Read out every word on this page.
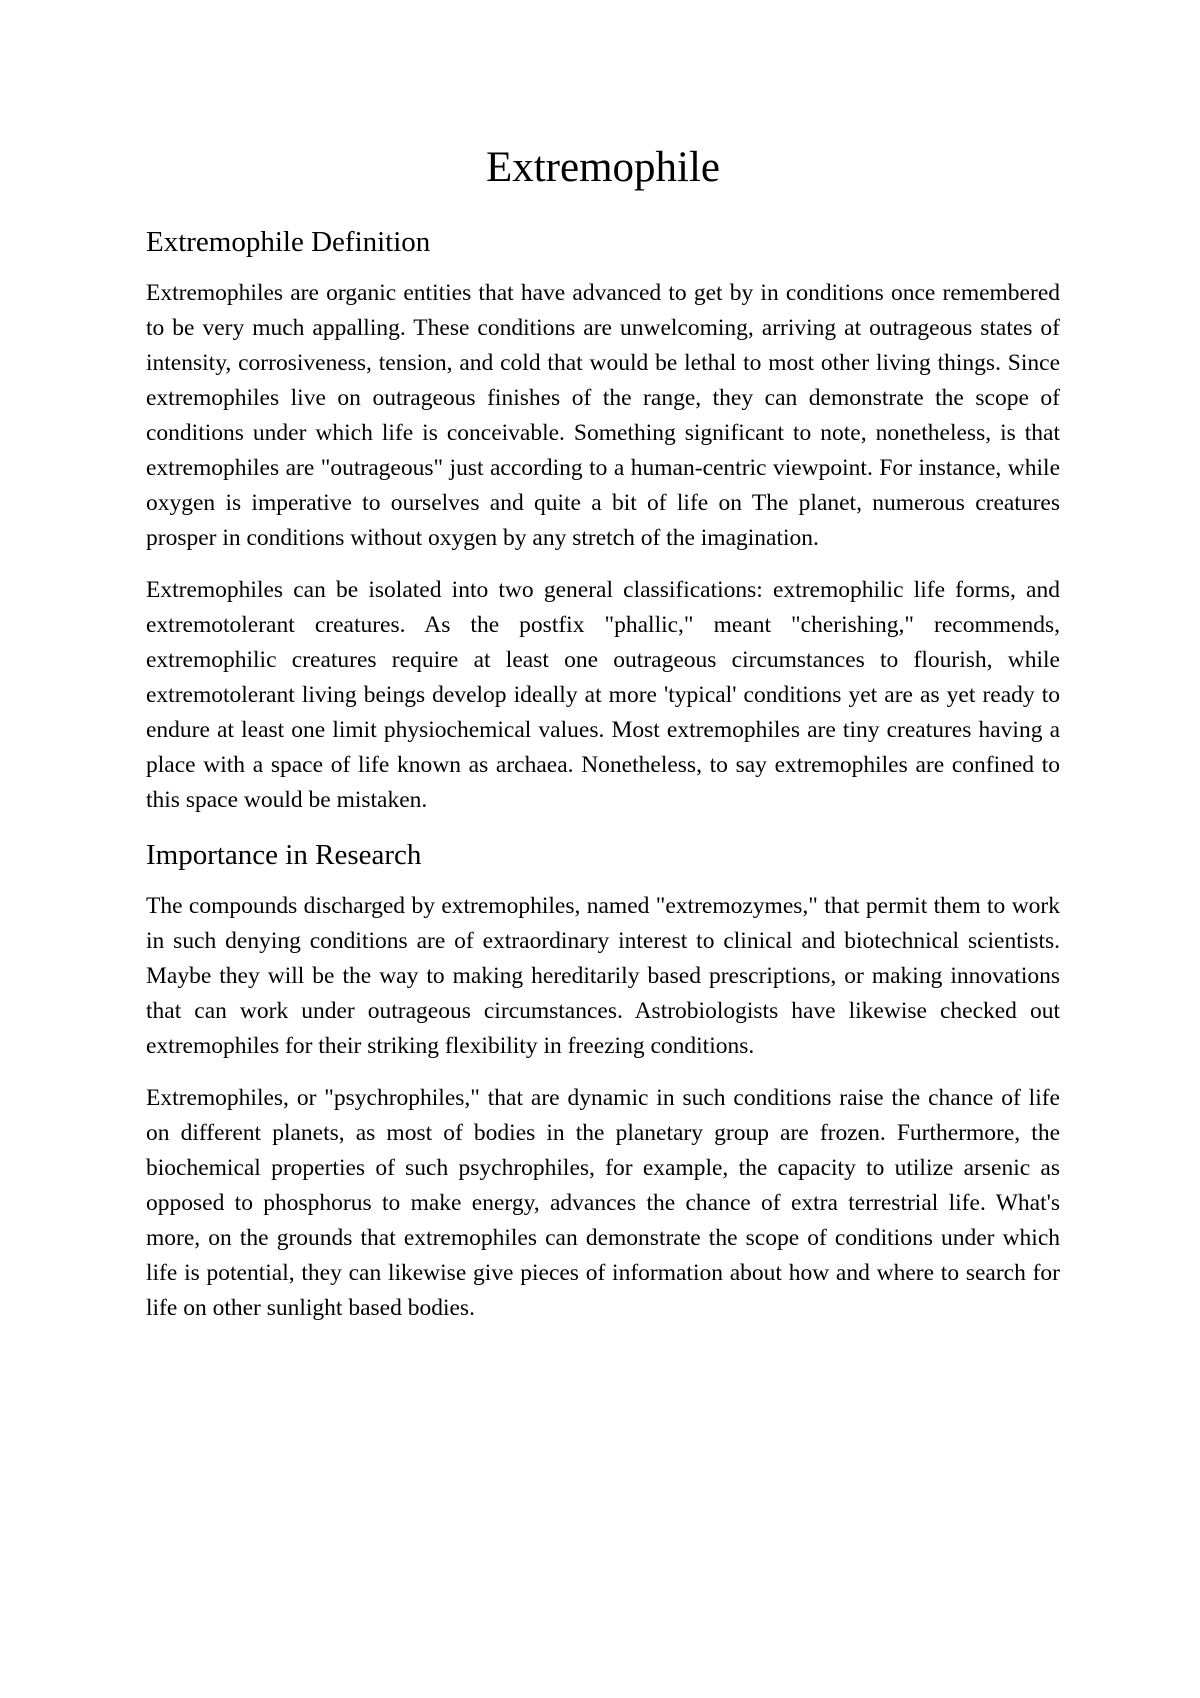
Extremophile
Extremophile Definition

Extremophiles are organic entities that have advanced to get by in conditions once remembered to be very much appalling. These conditions are unwelcoming, arriving at outrageous states of intensity, corrosiveness, tension, and cold that would be lethal to most other living things. Since extremophiles live on outrageous finishes of the range, they can demonstrate the scope of conditions under which life is conceivable. Something significant to note, nonetheless, is that extremophiles are "outrageous" just according to a human-centric viewpoint. For instance, while oxygen is imperative to ourselves and quite a bit of life on The planet, numerous creatures prosper in conditions without oxygen by any stretch of the imagination.

Extremophiles can be isolated into two general classifications: extremophilic life forms, and extremotolerant creatures. As the postfix "phallic," meant "cherishing," recommends, extremophilic creatures require at least one outrageous circumstances to flourish, while extremotolerant living beings develop ideally at more 'typical' conditions yet are as yet ready to endure at least one limit physiochemical values. Most extremophiles are tiny creatures having a place with a space of life known as archaea. Nonetheless, to say extremophiles are confined to this space would be mistaken.

Importance in Research

The compounds discharged by extremophiles, named "extremozymes," that permit them to work in such denying conditions are of extraordinary interest to clinical and biotechnical scientists. Maybe they will be the way to making hereditarily based prescriptions, or making innovations that can work under outrageous circumstances. Astrobiologists have likewise checked out extremophiles for their striking flexibility in freezing conditions.

Extremophiles, or "psychrophiles," that are dynamic in such conditions raise the chance of life on different planets, as most of bodies in the planetary group are frozen. Furthermore, the biochemical properties of such psychrophiles, for example, the capacity to utilize arsenic as opposed to phosphorus to make energy, advances the chance of extra terrestrial life. What's more, on the grounds that extremophiles can demonstrate the scope of conditions under which life is potential, they can likewise give pieces of information about how and where to search for life on other sunlight based bodies.
